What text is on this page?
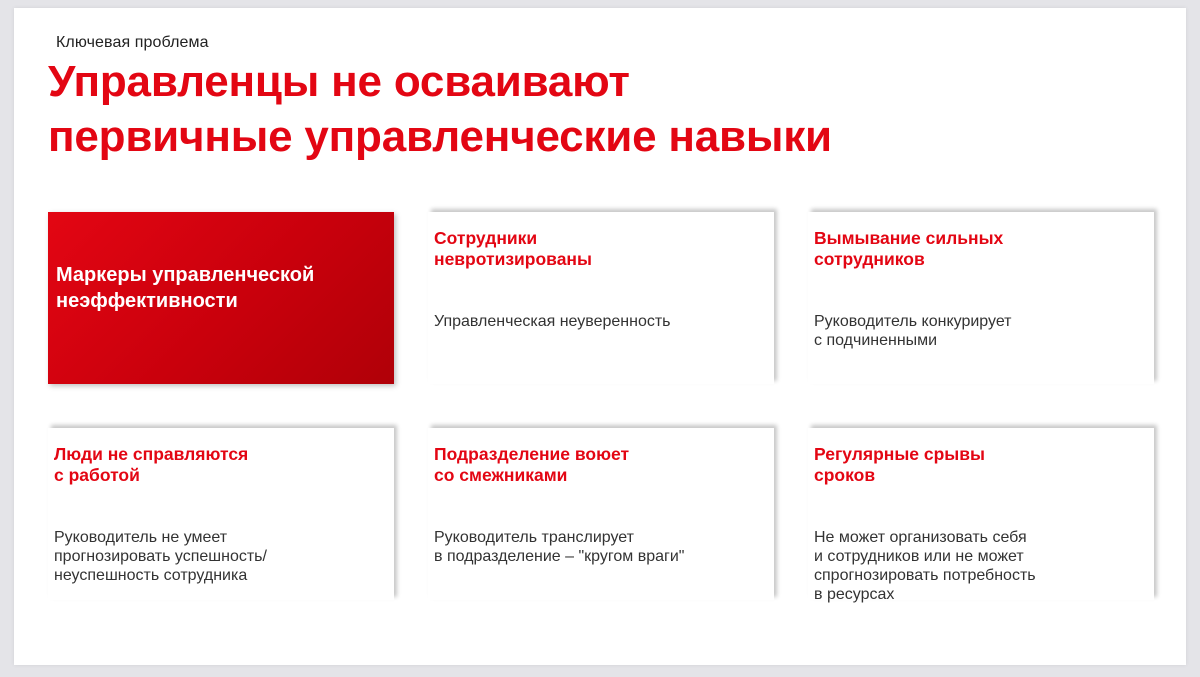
Ключевая проблема
Управленцы не осваивают
первичные управленческие навыки
Маркеры управленческой
неэффективности
Сотрудники
невротизированы
Управленческая неуверенность
Вымывание сильных
сотрудников
Руководитель конкурирует
с подчиненными
Люди не справляются
с работой
Руководитель не умеет
прогнозировать успешность/
неуспешность сотрудника
Подразделение воюет
со смежниками
Руководитель транслирует
в подразделение – "кругом враги"
Регулярные срывы
сроков
Не может организовать себя
и сотрудников или не может
спрогнозировать потребность
в ресурсах
